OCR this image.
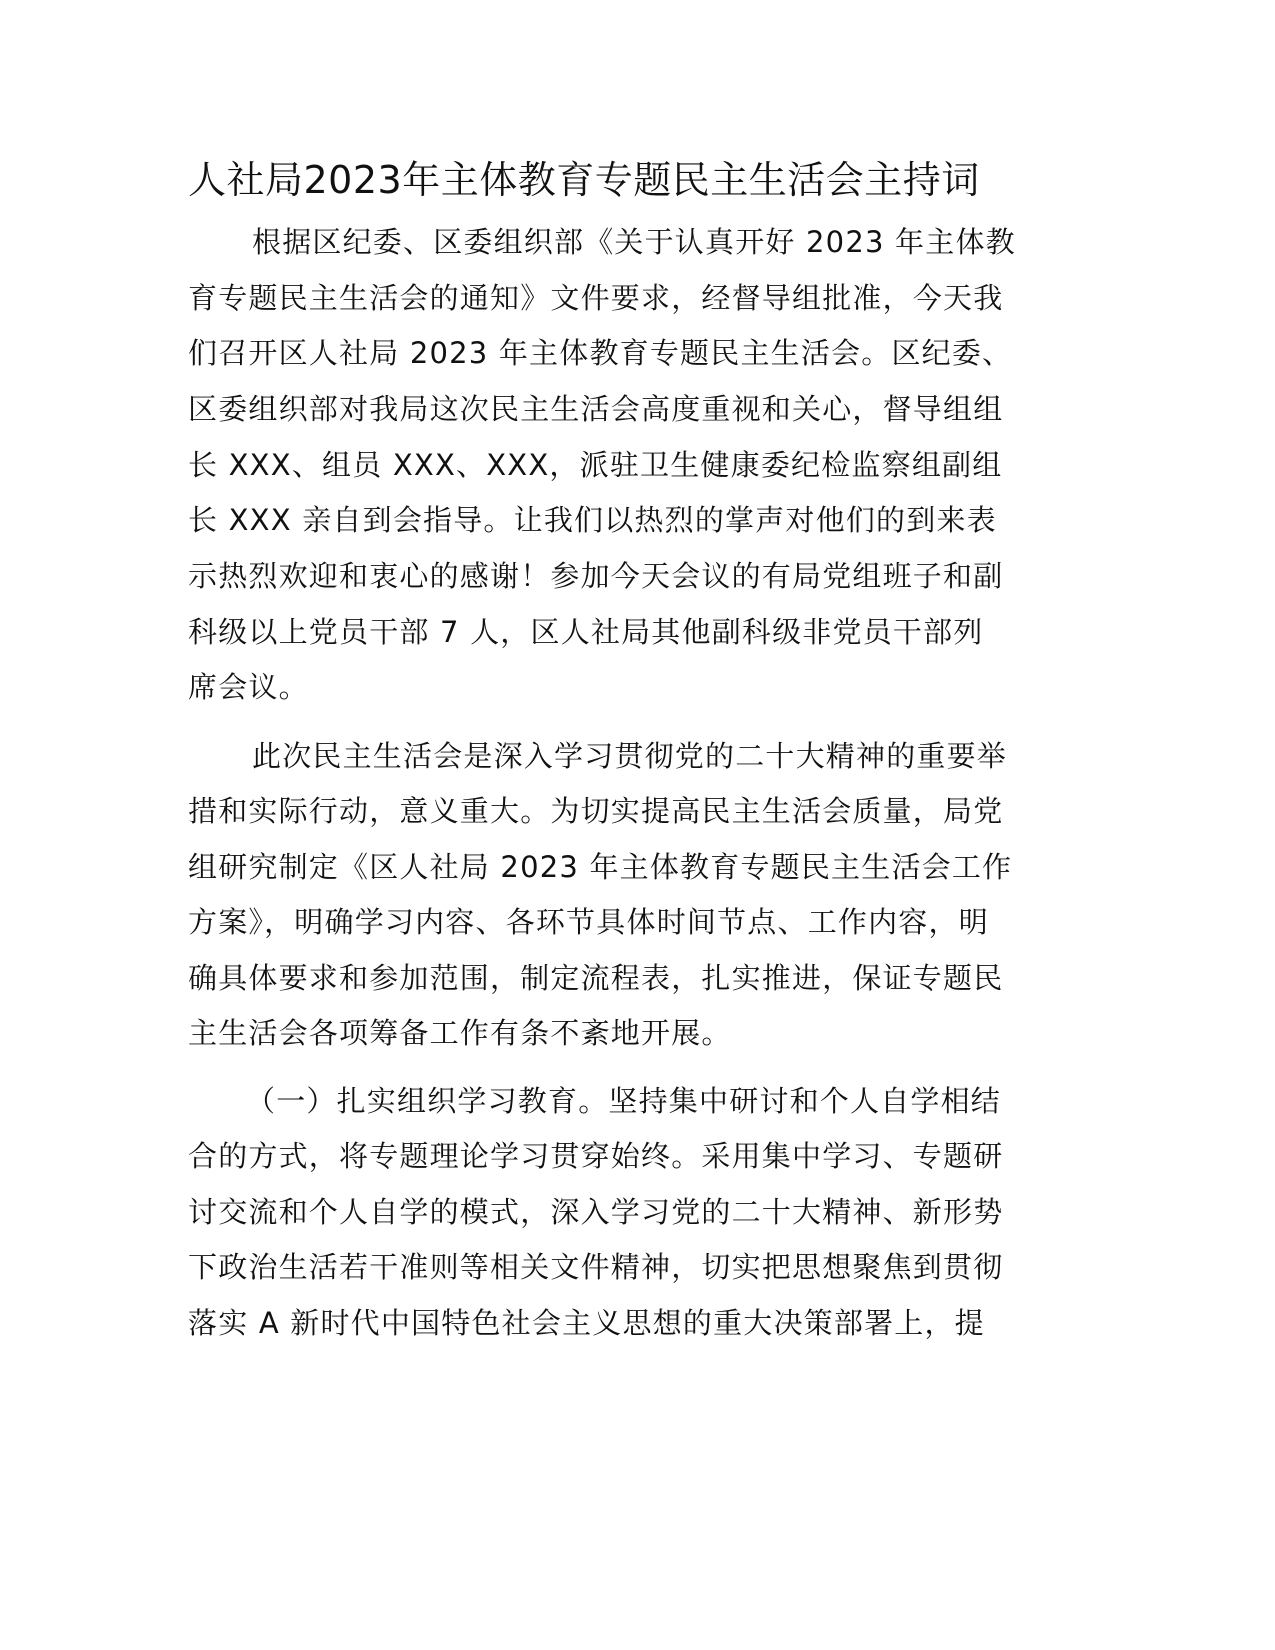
人社局2023年主体教育专题民主生活会主持词

根据区纪委、区委组织部《关于认真开好 2023 年主体教

育专题民主生活会的通知》文件要求，经督导组批准，今天我

们召开区人社局 2023 年主体教育专题民主生活会。区纪委、

区委组织部对我局这次民主生活会高度重视和关心，督导组组

长 XXX、组员 XXX、XXX，派驻卫生健康委纪检监察组副组

长 XXX 亲自到会指导。让我们以热烈的掌声对他们的到来表

示热烈欢迎和衷心的感谢！参加今天会议的有局党组班子和副

科级以上党员干部 7 人，区人社局其他副科级非党员干部列

席会议。

此次民主生活会是深入学习贯彻党的二十大精神的重要举

措和实际行动，意义重大。为切实提高民主生活会质量，局党

组研究制定《区人社局 2023 年主体教育专题民主生活会工作

方案》，明确学习内容、各环节具体时间节点、工作内容，明

确具体要求和参加范围，制定流程表，扎实推进，保证专题民

主生活会各项筹备工作有条不紊地开展。

（一）扎实组织学习教育。坚持集中研讨和个人自学相结

合的方式，将专题理论学习贯穿始终。采用集中学习、专题研

讨交流和个人自学的模式，深入学习党的二十大精神、新形势

下政治生活若干准则等相关文件精神，切实把思想聚焦到贯彻

落实 A 新时代中国特色社会主义思想的重大决策部署上，提
